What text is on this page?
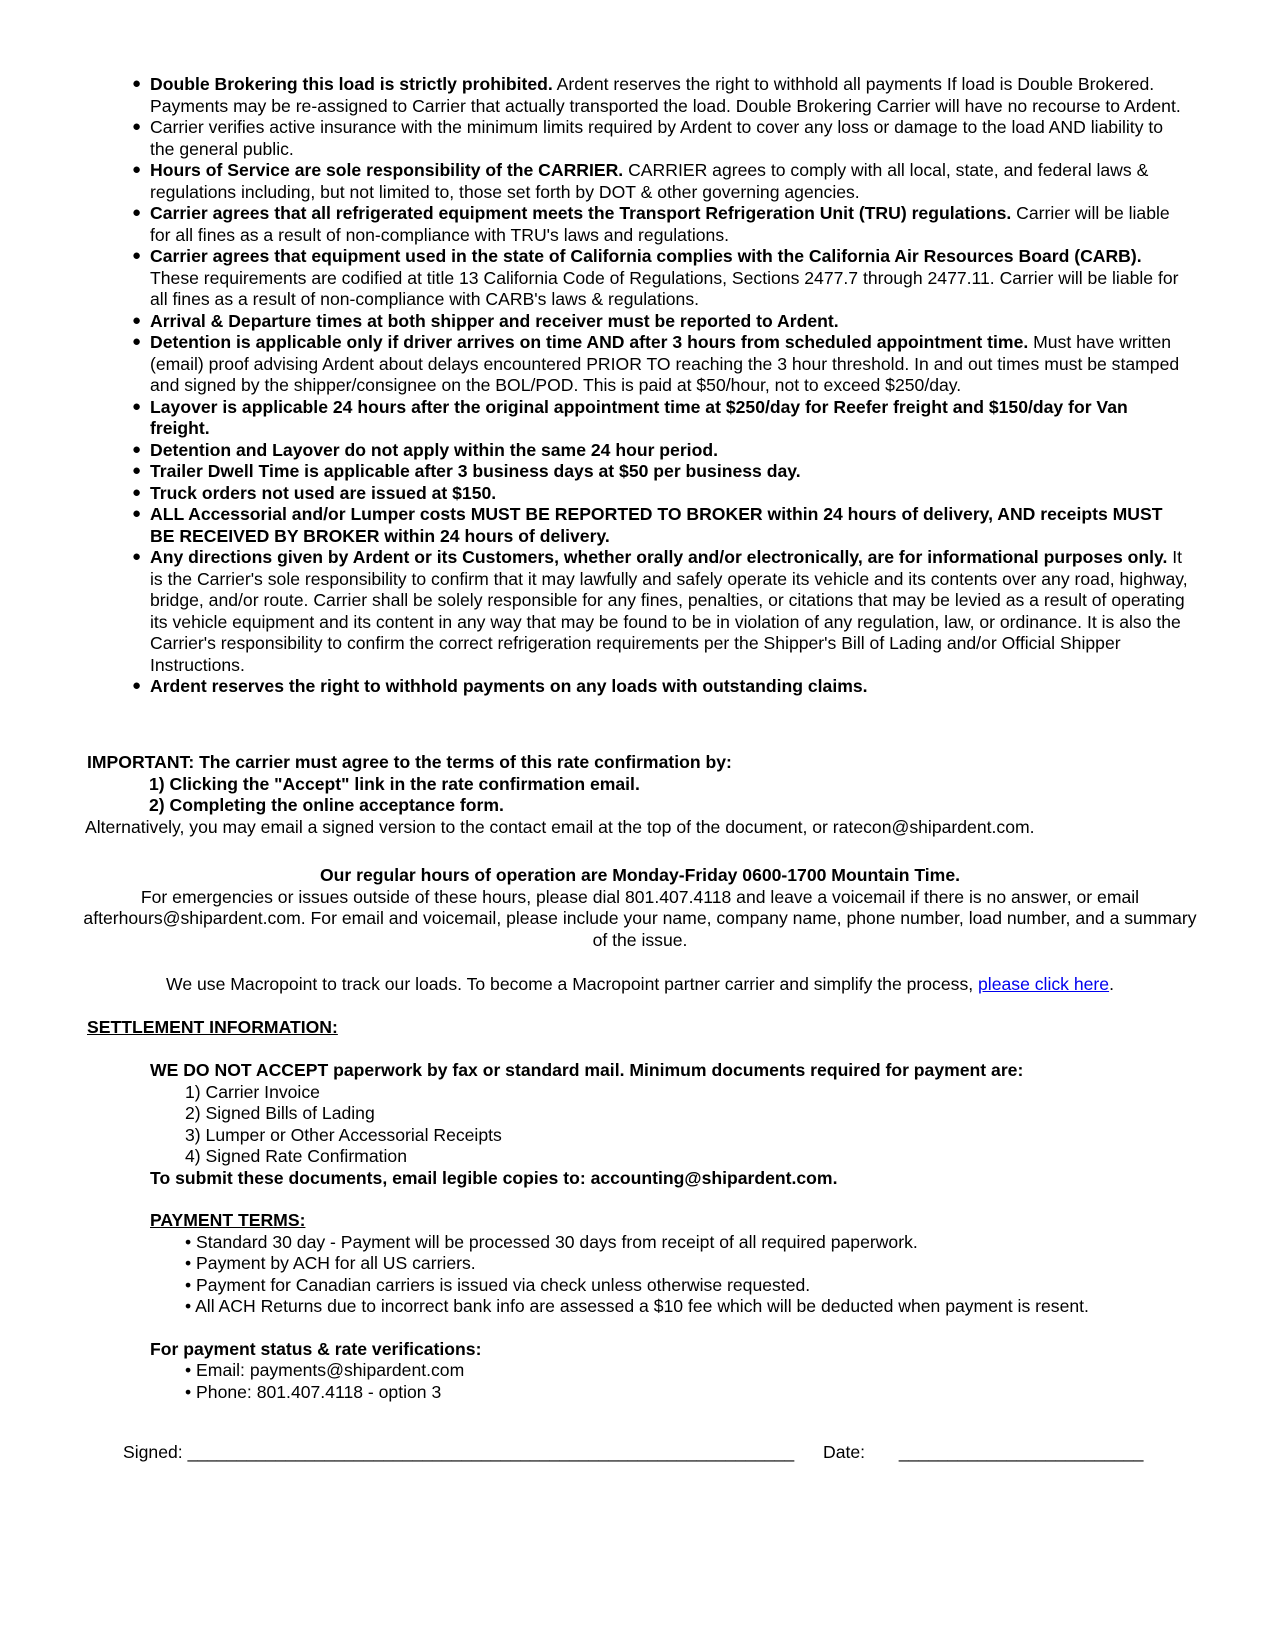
● Double Brokering this load is strictly prohibited. Ardent reserves the right to withhold all payments If load is Double Brokered. Payments may be re-assigned to Carrier that actually transported the load. Double Brokering Carrier will have no recourse to Ardent.
● Carrier verifies active insurance with the minimum limits required by Ardent to cover any loss or damage to the load AND liability to the general public.
● Hours of Service are sole responsibility of the CARRIER. CARRIER agrees to comply with all local, state, and federal laws & regulations including, but not limited to, those set forth by DOT & other governing agencies.
● Carrier agrees that all refrigerated equipment meets the Transport Refrigeration Unit (TRU) regulations. Carrier will be liable for all fines as a result of non-compliance with TRU's laws and regulations.
● Carrier agrees that equipment used in the state of California complies with the California Air Resources Board (CARB). These requirements are codified at title 13 California Code of Regulations, Sections 2477.7 through 2477.11. Carrier will be liable for all fines as a result of non-compliance with CARB's laws & regulations.
● Arrival & Departure times at both shipper and receiver must be reported to Ardent.
● Detention is applicable only if driver arrives on time AND after 3 hours from scheduled appointment time. Must have written (email) proof advising Ardent about delays encountered PRIOR TO reaching the 3 hour threshold. In and out times must be stamped and signed by the shipper/consignee on the BOL/POD. This is paid at $50/hour, not to exceed $250/day.
● Layover is applicable 24 hours after the original appointment time at $250/day for Reefer freight and $150/day for Van freight.
● Detention and Layover do not apply within the same 24 hour period.
● Trailer Dwell Time is applicable after 3 business days at $50 per business day.
● Truck orders not used are issued at $150.
● ALL Accessorial and/or Lumper costs MUST BE REPORTED TO BROKER within 24 hours of delivery, AND receipts MUST BE RECEIVED BY BROKER within 24 hours of delivery.
● Any directions given by Ardent or its Customers, whether orally and/or electronically, are for informational purposes only. It is the Carrier's sole responsibility to confirm that it may lawfully and safely operate its vehicle and its contents over any road, highway, bridge, and/or route. Carrier shall be solely responsible for any fines, penalties, or citations that may be levied as a result of operating its vehicle equipment and its content in any way that may be found to be in violation of any regulation, law, or ordinance. It is also the Carrier's responsibility to confirm the correct refrigeration requirements per the Shipper's Bill of Lading and/or Official Shipper Instructions.
● Ardent reserves the right to withhold payments on any loads with outstanding claims.
IMPORTANT: The carrier must agree to the terms of this rate confirmation by:
1) Clicking the "Accept" link in the rate confirmation email.
2) Completing the online acceptance form.
Alternatively, you may email a signed version to the contact email at the top of the document, or ratecon@shipardent.com.
Our regular hours of operation are Monday-Friday 0600-1700 Mountain Time.
For emergencies or issues outside of these hours, please dial 801.407.4118 and leave a voicemail if there is no answer, or email afterhours@shipardent.com. For email and voicemail, please include your name, company name, phone number, load number, and a summary of the issue.
We use Macropoint to track our loads. To become a Macropoint partner carrier and simplify the process, please click here.
SETTLEMENT INFORMATION:
WE DO NOT ACCEPT paperwork by fax or standard mail. Minimum documents required for payment are:
1) Carrier Invoice
2) Signed Bills of Lading
3) Lumper or Other Accessorial Receipts
4) Signed Rate Confirmation
To submit these documents, email legible copies to: accounting@shipardent.com.
PAYMENT TERMS:
• Standard 30 day - Payment will be processed 30 days from receipt of all required paperwork.
• Payment by ACH for all US carriers.
• Payment for Canadian carriers is issued via check unless otherwise requested.
• All ACH Returns due to incorrect bank info are assessed a $10 fee which will be deducted when payment is resent.
For payment status & rate verifications:
• Email: payments@shipardent.com
• Phone: 801.407.4118 - option 3
Signed: ______________________________________________________________ Date: _________________________
